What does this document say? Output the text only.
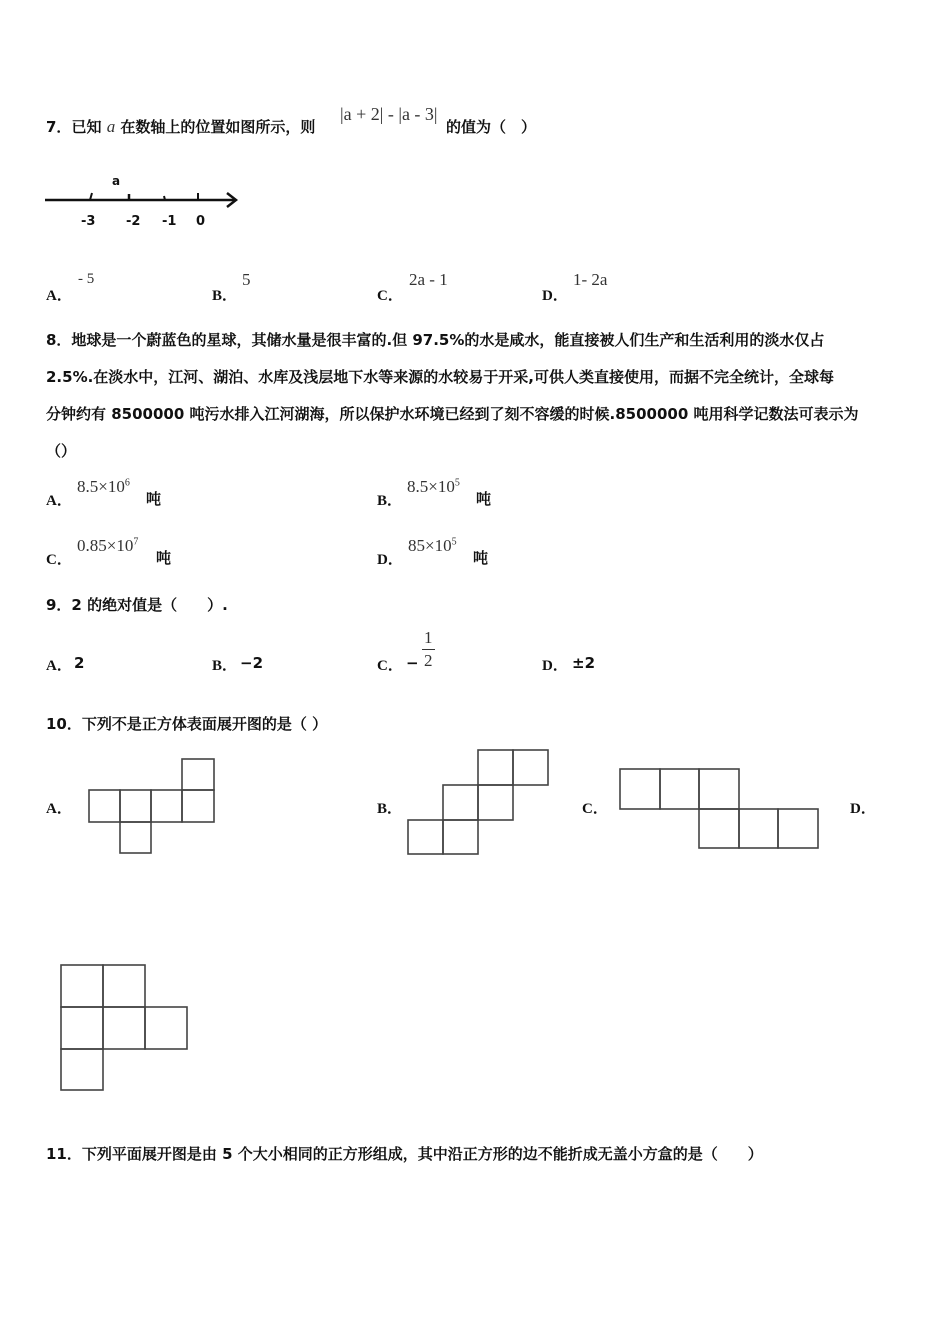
7．已知 a 在数轴上的位置如图所示，则
|a + 2| - |a - 3|
的值为（　）
a
-3 -2 -1 0
A．
- 5
B．
5
C．
2a - 1
D．
1- 2a
8．地球是一个蔚蓝色的星球，其储水量是很丰富的.但 97.5%的水是咸水，能直接被人们生产和生活利用的淡水仅占
2.5%.在淡水中，江河、湖泊、水库及浅层地下水等来源的水较易于开采,可供人类直接使用，而据不完全统计，全球每
分钟约有 8500000 吨污水排入江河湖海，所以保护水环境已经到了刻不容缓的时候.8500000 吨用科学记数法可表示为
（）
A．
$8.5\times 10^6$
吨	B．
$8.5\times 10^5$
吨
C．
$0.85\times 10^7$
吨	D．
$85\times 10^5$
吨
9．2 的绝对值是（　　）.
A． 2	B． −2	C． − $\frac{1}{2}$	D． ±2
10．下列不是正方体表面展开图的是（ ）
A．	B．	C．	D．
11．下列平面展开图是由 5 个大小相同的正方形组成，其中沿正方形的边不能折成无盖小方盒的是（　　）
